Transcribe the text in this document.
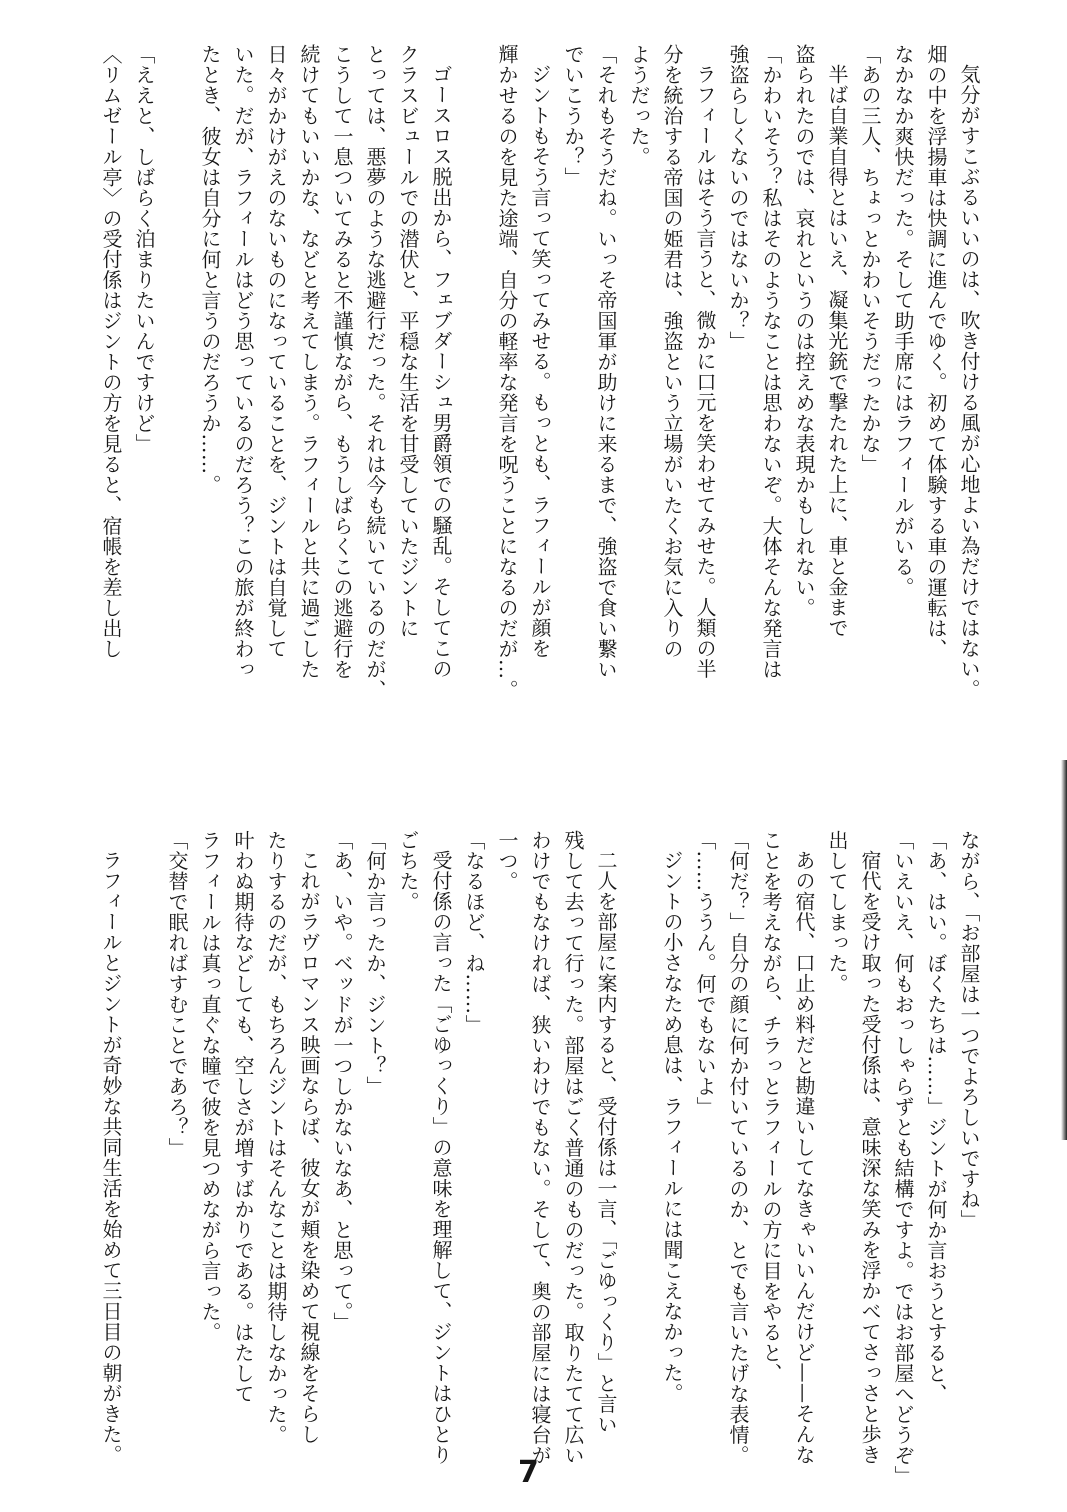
気分がすこぶるいいのは、吹き付ける風が心地よい為だけではない。

畑の中を浮揚車は快調に進んでゆく。初めて体験する車の運転は、

なかなか爽快だった。そして助手席にはラフィールがいる。

「あの三人、ちょっとかわいそうだったかな」

半ば自業自得とはいえ、凝集光銃で撃たれた上に、車と金まで

盗られたのでは、哀れというのは控えめな表現かもしれない。

「かわいそう？私はそのようなことは思わないぞ。大体そんな発言は

強盗らしくないのではないか？」

ラフィールはそう言うと、微かに口元を笑わせてみせた。人類の半

分を統治する帝国の姫君は、強盗という立場がいたくお気に入りの

ようだった。

「それもそうだね。いっそ帝国軍が助けに来るまで、強盗で食い繋い

でいこうか？」

ジントもそう言って笑ってみせる。もっとも、ラフィールが顔を

輝かせるのを見た途端、自分の軽率な発言を呪うことになるのだが…。

ゴースロス脱出から、フェブダーシュ男爵領での騒乱。そしてこの

クラスビュールでの潜伏と、平穏な生活を甘受していたジントに

とっては、悪夢のような逃避行だった。それは今も続いているのだが、

こうして一息ついてみると不謹慎ながら、もうしばらくこの逃避行を

続けてもいいかな、などと考えてしまう。ラフィールと共に過ごした

日々がかけがえのないものになっていることを、ジントは自覚して

いた。だが、ラフィールはどう思っているのだろう？この旅が終わっ

たとき、彼女は自分に何と言うのだろうか……。

「ええと、しばらく泊まりたいんですけど」

〈リムゼール亭〉の受付係はジントの方を見ると、宿帳を差し出し

ながら、「お部屋は一つでよろしいですね」

「あ、はい。ぼくたちは……」ジントが何か言おうとすると、

「いえいえ、何もおっしゃらずとも結構ですよ。ではお部屋へどうぞ」

宿代を受け取った受付係は、意味深な笑みを浮かべてさっさと歩き

出してしまった。

あの宿代、口止め料だと勘違いしてなきゃいいんだけど——そんな

ことを考えながら、チラっとラフィールの方に目をやると、

「何だ？」自分の顔に何か付いているのか、とでも言いたげな表情。

「……ううん。何でもないよ」

ジントの小さなため息は、ラフィールには聞こえなかった。

二人を部屋に案内すると、受付係は一言、「ごゆっくり」と言い

残して去って行った。部屋はごく普通のものだった。取りたてて広い

わけでもなければ、狭いわけでもない。そして、奥の部屋には寝台が

一つ。

「なるほど、ね……」

受付係の言った「ごゆっくり」の意味を理解して、ジントはひとり

ごちた。

「何か言ったか、ジント？」

「あ、いや。ベッドが一つしかないなあ、と思って。」

これがラヴロマンス映画ならば、彼女が頬を染めて視線をそらし

たりするのだが、もちろんジントはそんなことは期待しなかった。

叶わぬ期待などしても、空しさが増すばかりである。はたして

ラフィールは真っ直ぐな瞳で彼を見つめながら言った。

「交替で眠ればすむことであろ？」

ラフィールとジントが奇妙な共同生活を始めて三日目の朝がきた。

7
